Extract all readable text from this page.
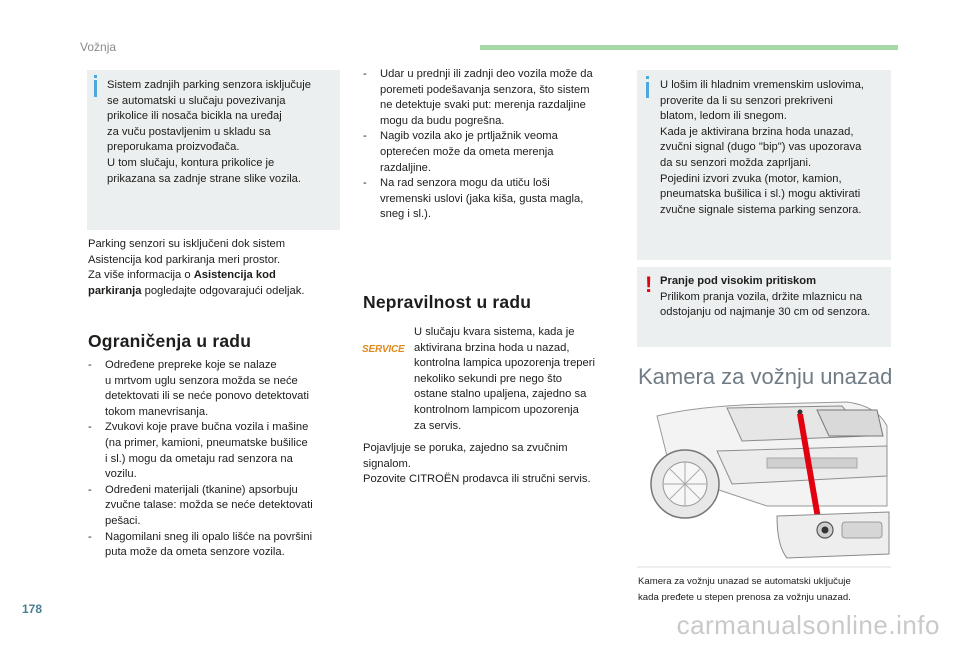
Vožnja
Sistem zadnjih parking senzora isključuje
se automatski u slučaju povezivanja
prikolice ili nosača bicikla na uređaj
za vuču postavljenim u skladu sa
preporukama proizvođača.
U tom slučaju, kontura prikolice je
prikazana sa zadnje strane slike vozila.
Parking senzori su isključeni dok sistem
Asistencija kod parkiranja meri prostor.
Za više informacija o Asistencija kod
parkiranja pogledajte odgovarajući odeljak.
Ograničenja u radu
- Određene prepreke koje se nalaze
u mrtvom uglu senzora možda se neće
detektovati ili se neće ponovo detektovati
tokom manevrisanja.
- Zvukovi koje prave bučna vozila i mašine
(na primer, kamioni, pneumatske bušilice
i sl.) mogu da ometaju rad senzora na
vozilu.
- Određeni materijali (tkanine) apsorbuju
zvučne talase: možda se neće detektovati
pešaci.
- Nagomilani sneg ili opalo lišće na površini
puta može da ometa senzore vozila.
- Udar u prednji ili zadnji deo vozila može da
poremeti podešavanja senzora, što sistem
ne detektuje svaki put: merenja razdaljine
mogu da budu pogrešna.
- Nagib vozila ako je prtljažnik veoma
opterećen može da ometa merenja
razdaljine.
- Na rad senzora mogu da utiču loši
vremenski uslovi (jaka kiša, gusta magla,
sneg i sl.).
Nepravilnost u radu
SERVICE
U slučaju kvara sistema, kada je
aktivirana brzina hoda u nazad,
kontrolna lampica upozorenja treperi
nekoliko sekundi pre nego što
ostane stalno upaljena, zajedno sa
kontrolnom lampicom upozorenja
za servis.
Pojavljuje se poruka, zajedno sa zvučnim
signalom.
Pozovite CITROËN prodavca ili stručni servis.
U lošim ili hladnim vremenskim uslovima,
proverite da li su senzori prekriveni
blatom, ledom ili snegom.
Kada je aktivirana brzina hoda unazad,
zvučni signal (dugo "bip") vas upozorava
da su senzori možda zaprljani.
Pojedini izvori zvuka (motor, kamion,
pneumatska bušilica i sl.) mogu aktivirati
zvučne signale sistema parking senzora.
! Pranje pod visokim pritiskom
Prilikom pranja vozila, držite mlaznicu na
odstojanju od najmanje 30 cm od senzora.
Kamera za vožnju unazad
Kamera za vožnju unazad se automatski uključuje
kada pređete u stepen prenosa za vožnju unazad.
178
carmanualsonline.info
